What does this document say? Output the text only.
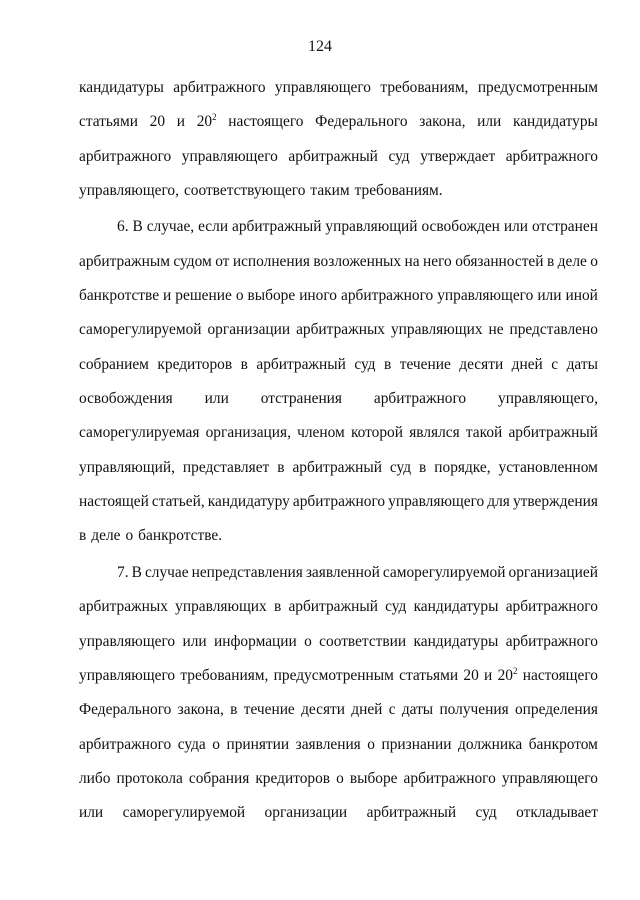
124
кандидатуры арбитражного управляющего требованиям, предусмотренным
статьями 20 и $20^2$ настоящего Федерального закона, или кандидатуры
арбитражного управляющего арбитражный суд утверждает арбитражного
управляющего, соответствующего таким требованиям.
6. В случае, если арбитражный управляющий освобожден или отстранен
арбитражным судом от исполнения возложенных на него обязанностей в деле о
банкротстве и решение о выборе иного арбитражного управляющего или иной
саморегулируемой организации арбитражных управляющих не представлено
собранием кредиторов в арбитражный суд в течение десяти дней с даты
освобождения или отстранения арбитражного управляющего,
саморегулируемая организация, членом которой являлся такой арбитражный
управляющий, представляет в арбитражный суд в порядке, установленном
настоящей статьей, кандидатуру арбитражного управляющего для утверждения
в деле о банкротстве.
7. В случае непредставления заявленной саморегулируемой организацией
арбитражных управляющих в арбитражный суд кандидатуры арбитражного
управляющего или информации о соответствии кандидатуры арбитражного
управляющего требованиям, предусмотренным статьями 20 и $20^2$ настоящего
Федерального закона, в течение десяти дней с даты получения определения
арбитражного суда о принятии заявления о признании должника банкротом
либо протокола собрания кредиторов о выборе арбитражного управляющего
или саморегулируемой организации арбитражный суд откладывает
